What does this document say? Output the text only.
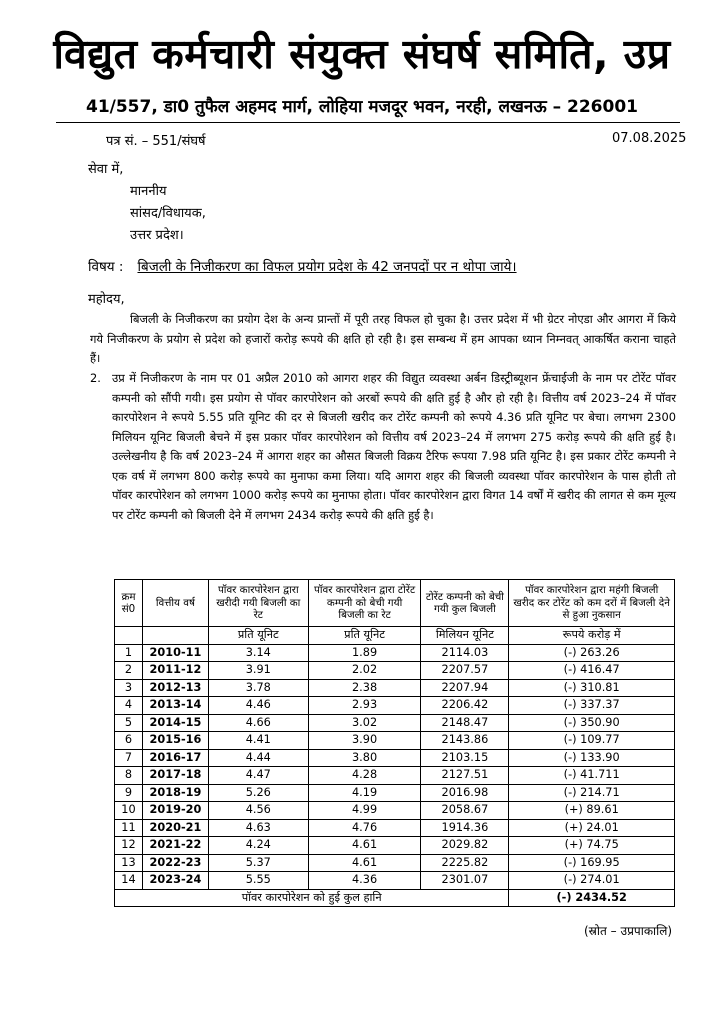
विद्युत कर्मचारी संयुक्त संघर्ष समिति, उप्र
41/557, डा0 तुफैल अहमद मार्ग, लोहिया मजदूर भवन, नरही, लखनऊ – 226001
पत्र सं. – 551/संघर्ष	07.08.2025
सेवा में,
माननीय
सांसद/विधायक,
उत्तर प्रदेश।
विषय : बिजली के निजीकरण का विफल प्रयोग प्रदेश के 42 जनपदों पर न थोपा जाये।
महोदय,
बिजली के निजीकरण का प्रयोग देश के अन्य प्रान्तों में पूरी तरह विफल हो चुका है। उत्तर प्रदेश में भी ग्रेटर नोएडा और आगरा में किये गये निजीकरण के प्रयोग से प्रदेश को हजारों करोड़ रूपये की क्षति हो रही है। इस सम्बन्ध में हम आपका ध्यान निम्नवत् आकर्षित कराना चाहते हैं।
2. उप्र में निजीकरण के नाम पर 01 अप्रैल 2010 को आगरा शहर की विद्युत व्यवस्था अर्बन डिस्ट्रीब्यूशन फ्रेंचाईजी के नाम पर टोरेंट पॉवर कम्पनी को सौंपी गयी। इस प्रयोग से पॉवर कारपोरेशन को अरबों रूपये की क्षति हुई है और हो रही है। वित्तीय वर्ष 2023–24 में पॉवर कारपोरेशन ने रूपये 5.55 प्रति यूनिट की दर से बिजली खरीद कर टोरेंट कम्पनी को रूपये 4.36 प्रति यूनिट पर बेचा। लगभग 2300 मिलियन यूनिट बिजली बेचने में इस प्रकार पॉवर कारपोरेशन को वित्तीय वर्ष 2023–24 में लगभग 275 करोड़ रूपये की क्षति हुई है। उल्लेखनीय है कि वर्ष 2023–24 में आगरा शहर का औसत बिजली विक्रय टैरिफ रूपया 7.98 प्रति यूनिट है। इस प्रकार टोरेंट कम्पनी ने एक वर्ष में लगभग 800 करोड़ रूपये का मुनाफा कमा लिया। यदि आगरा शहर की बिजली व्यवस्था पॉवर कारपोरेशन के पास होती तो पॉवर कारपोरेशन को लगभग 1000 करोड़ रूपये का मुनाफा होता। पॉवर कारपोरेशन द्वारा विगत 14 वर्षों में खरीद की लागत से कम मूल्य पर टोरेंट कम्पनी को बिजली देने में लगभग 2434 करोड़ रूपये की क्षति हुई है।
क्रम सं0	वित्तीय वर्ष	पॉवर कारपोरेशन द्वारा खरीदी गयी बिजली का रेट	पॉवर कारपोरेशन द्वारा टोरेंट कम्पनी को बेची गयी बिजली का रेट	टोरेंट कम्पनी को बेची गयी कुल बिजली	पॉवर कारपोरेशन द्वारा महंगी बिजली खरीद कर टोरेंट को कम दरों में बिजली देने से हुआ नुकसान
		प्रति यूनिट	प्रति यूनिट	मिलियन यूनिट	रूपये करोड़ में
1	2010-11	3.14	1.89	2114.03	(-) 263.26
2	2011-12	3.91	2.02	2207.57	(-) 416.47
3	2012-13	3.78	2.38	2207.94	(-) 310.81
4	2013-14	4.46	2.93	2206.42	(-) 337.37
5	2014-15	4.66	3.02	2148.47	(-) 350.90
6	2015-16	4.41	3.90	2143.86	(-) 109.77
7	2016-17	4.44	3.80	2103.15	(-) 133.90
8	2017-18	4.47	4.28	2127.51	(-) 41.711
9	2018-19	5.26	4.19	2016.98	(-) 214.71
10	2019-20	4.56	4.99	2058.67	(+) 89.61
11	2020-21	4.63	4.76	1914.36	(+) 24.01
12	2021-22	4.24	4.61	2029.82	(+) 74.75
13	2022-23	5.37	4.61	2225.82	(-) 169.95
14	2023-24	5.55	4.36	2301.07	(-) 274.01
पॉवर कारपोरेशन को हुई कुल हानि					(-) 2434.52
(स्रोत – उप्रपाकालि)
